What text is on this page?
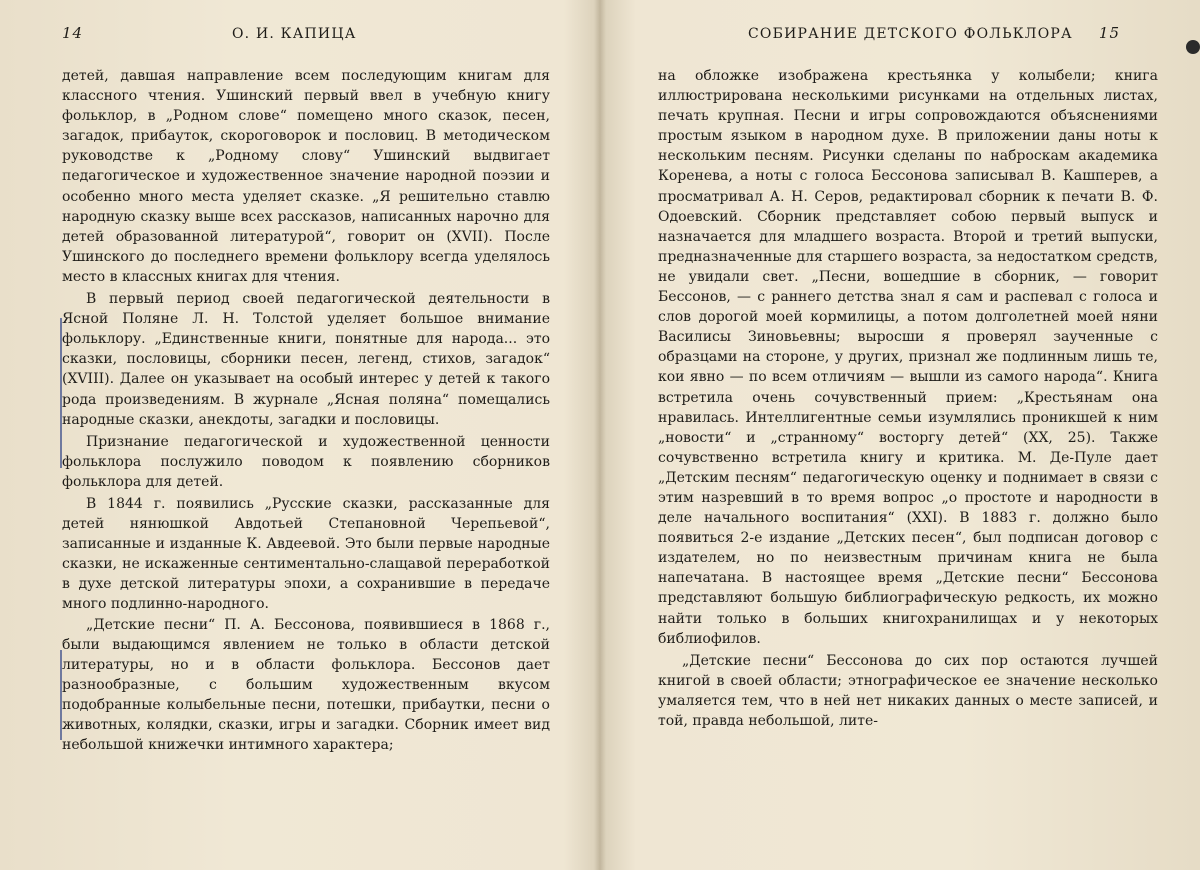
14	О. И. КАПИЦА

детей, давшая направление всем последующим книгам для классного чтения. Ушинский первый ввел в учебную книгу фольклор, в „Родном слове“ помещено много сказок, песен, загадок, прибауток, скороговорок и пословиц. В методическом руководстве к „Родному слову“ Ушинский выдвигает педагогическое и художественное значение народной поэзии и особенно много места уделяет сказке. „Я решительно ставлю народную сказку выше всех рассказов, написанных нарочно для детей образованной литературой“, говорит он (XVII). После Ушинского до последнего времени фольклору всегда уделялось место в классных книгах для чтения.

В первый период своей педагогической деятельности в Ясной Поляне Л. Н. Толстой уделяет большое внимание фольклору. „Единственные книги, понятные для народа... это сказки, пословицы, сборники песен, легенд, стихов, загадок“ (XVIII). Далее он указывает на особый интерес у детей к такого рода произведениям. В журнале „Ясная поляна“ помещались народные сказки, анекдоты, загадки и пословицы.

Признание педагогической и художественной ценности фольклора послужило поводом к появлению сборников фольклора для детей.

В 1844 г. появились „Русские сказки, рассказанные для детей нянюшкой Авдотьей Степановной Черепьевой“, записанные и изданные К. Авдеевой. Это были первые народные сказки, не искаженные сентиментально-слащавой переработкой в духе детской литературы эпохи, а сохранившие в передаче много подлинно-народного.

„Детские песни“ П. А. Бессонова, появившиеся в 1868 г., были выдающимся явлением не только в области детской литературы, но и в области фольклора. Бессонов дает разнообразные, с большим художественным вкусом подобранные колыбельные песни, потешки, прибаутки, песни о животных, колядки, сказки, игры и загадки. Сборник имеет вид небольшой книжечки интимного характера;

СОБИРАНИЕ ДЕТСКОГО ФОЛЬКЛОРА 15

на обложке изображена крестьянка у колыбели; книга иллюстрирована несколькими рисунками на отдельных листах, печать крупная. Песни и игры сопровождаются объяснениями простым языком в народном духе. В приложении даны ноты к нескольким песням. Рисунки сделаны по наброскам академика Коренева, а ноты с голоса Бессонова записывал В. Кашперев, а просматривал А. Н. Серов, редактировал сборник к печати В. Ф. Одоевский. Сборник представляет собою первый выпуск и назначается для младшего возраста. Второй и третий выпуски, предназначенные для старшего возраста, за недостатком средств, не увидали свет. „Песни, вошедшие в сборник, — говорит Бессонов, — с раннего детства знал я сам и распевал с голоса и слов дорогой моей кормилицы, а потом долголетней моей няни Василисы Зиновьевны; выросши я проверял заученные с образцами на стороне, у других, признал же подлинным лишь те, кои явно — по всем отличиям — вышли из самого народа“. Книга встретила очень сочувственный прием: „Крестьянам она нравилась. Интеллигентные семьи изумлялись проникшей к ним „новости“ и „странному“ восторгу детей“ (XX, 25). Также сочувственно встретила книгу и критика. М. Де-Пуле дает „Детским песням“ педагогическую оценку и поднимает в связи с этим назревший в то время вопрос „о простоте и народности в деле начального воспитания“ (XXI). В 1883 г. должно было появиться 2-е издание „Детских песен“, был подписан договор с издателем, но по неизвестным причинам книга не была напечатана. В настоящее время „Детские песни“ Бессонова представляют большую библиографическую редкость, их можно найти только в больших книгохранилищах и у некоторых библиофилов.

„Детские песни“ Бессонова до сих пор остаются лучшей книгой в своей области; этнографическое ее значение несколько умаляется тем, что в ней нет никаких данных о месте записей, и той, правда небольшой, лите-
